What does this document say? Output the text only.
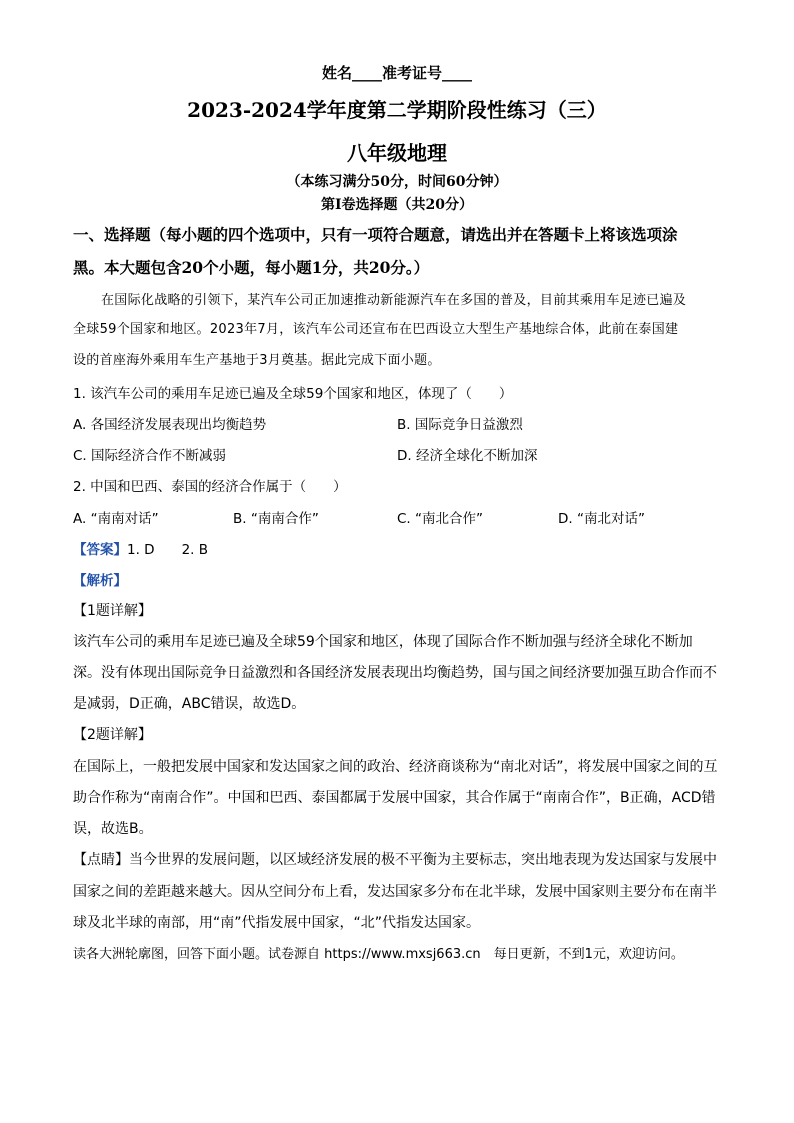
姓名____准考证号____
2023-2024学年度第二学期阶段性练习（三）
八年级地理
（本练习满分50分，时间60分钟）
第Ⅰ卷选择题（共20分）
一、选择题（每小题的四个选项中，只有一项符合题意，请选出并在答题卡上将该选项涂
黑。本大题包含20个小题，每小题1分，共20分。）
在国际化战略的引领下，某汽车公司正加速推动新能源汽车在多国的普及，目前其乘用车足迹已遍及
全球59个国家和地区。2023年7月，该汽车公司还宣布在巴西设立大型生产基地综合体，此前在泰国建
设的首座海外乘用车生产基地于3月奠基。据此完成下面小题。
1. 该汽车公司的乘用车足迹已遍及全球59个国家和地区，体现了（　　）
A. 各国经济发展表现出均衡趋势	B. 国际竞争日益激烈
C. 国际经济合作不断减弱	D. 经济全球化不断加深
2. 中国和巴西、泰国的经济合作属于（　　）
A. “南南对话”	B. “南南合作”	C. “南北合作”	D. “南北对话”
【答案】1. D　　2. B
【解析】
【1题详解】
该汽车公司的乘用车足迹已遍及全球59个国家和地区，体现了国际合作不断加强与经济全球化不断加
深。没有体现出国际竞争日益激烈和各国经济发展表现出均衡趋势，国与国之间经济要加强互助合作而不
是减弱，D正确，ABC错误，故选D。
【2题详解】
在国际上，一般把发展中国家和发达国家之间的政治、经济商谈称为“南北对话”，将发展中国家之间的互
助合作称为“南南合作”。中国和巴西、泰国都属于发展中国家，其合作属于“南南合作”，B正确，ACD错
误，故选B。
【点睛】当今世界的发展问题，以区域经济发展的极不平衡为主要标志，突出地表现为发达国家与发展中
国家之间的差距越来越大。因从空间分布上看，发达国家多分布在北半球，发展中国家则主要分布在南半
球及北半球的南部，用“南”代指发展中国家，“北”代指发达国家。
读各大洲轮廓图，回答下面小题。试卷源自 https://www.mxsj663.cn　每日更新，不到1元，欢迎访问。
